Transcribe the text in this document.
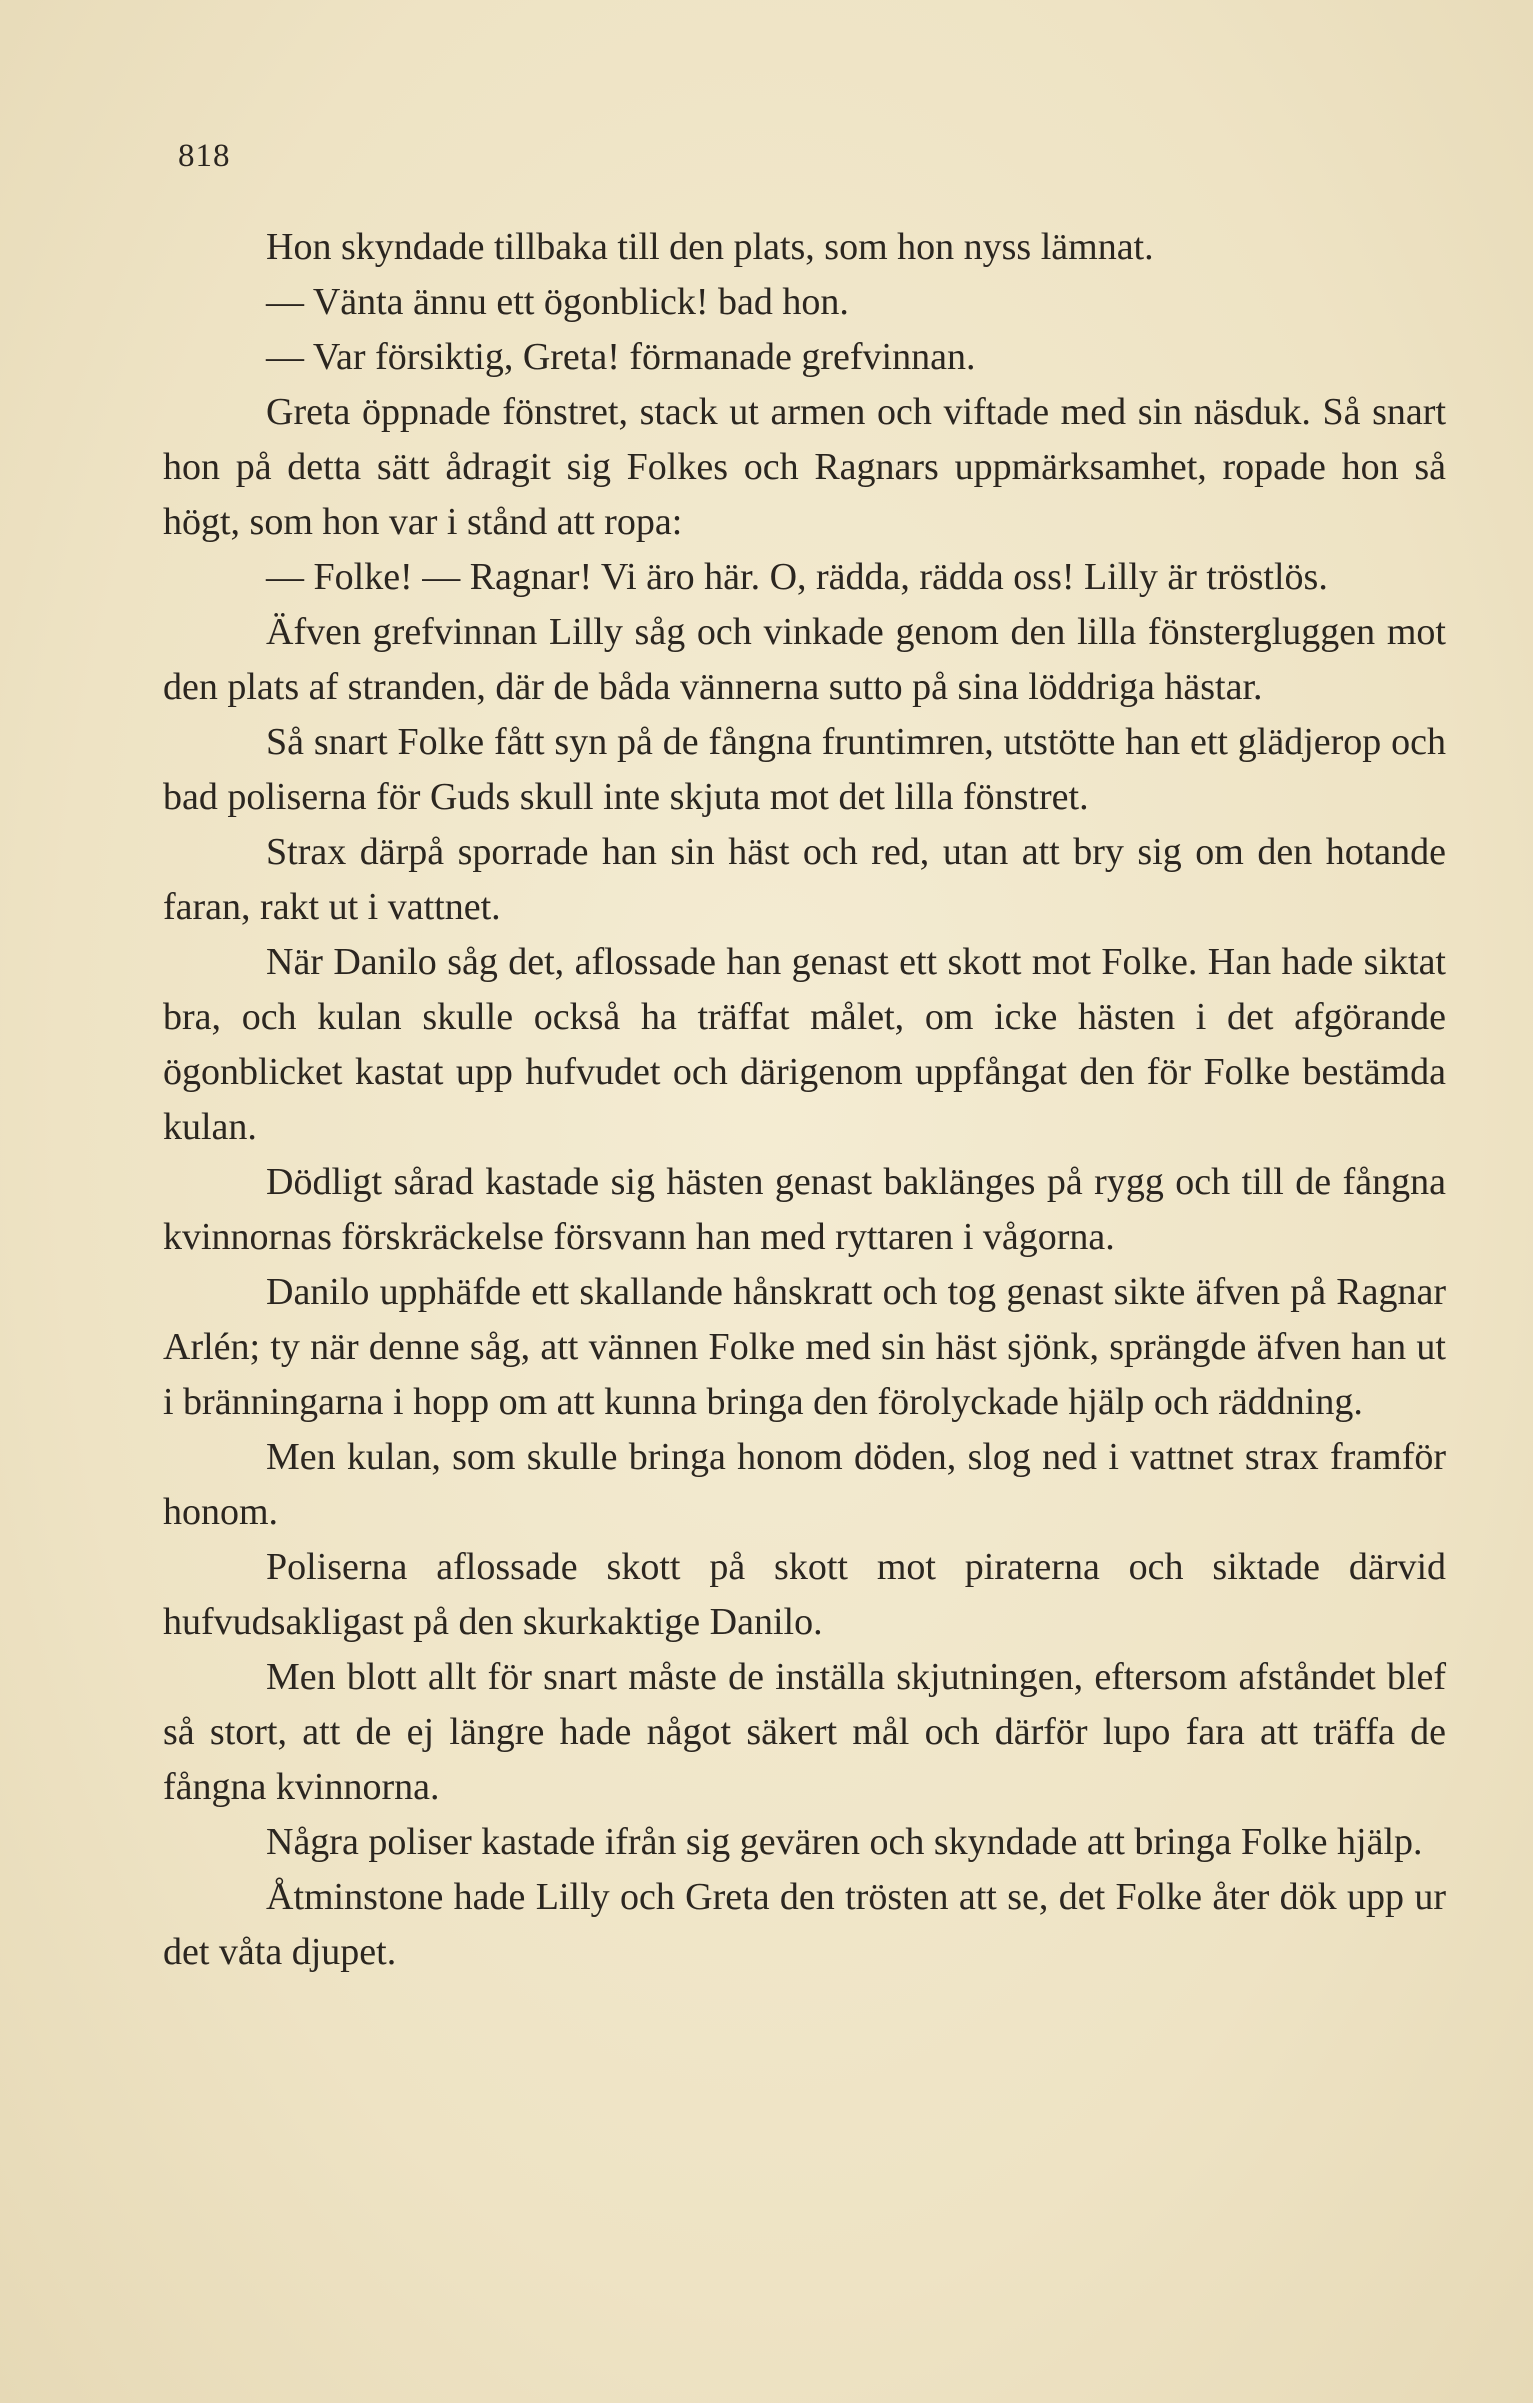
818

Hon skyndade tillbaka till den plats, som hon nyss lämnat.

— Vänta ännu ett ögonblick! bad hon.

— Var försiktig, Greta! förmanade grefvinnan.

Greta öppnade fönstret, stack ut armen och viftade med sin näsduk. Så snart hon på detta sätt ådragit sig Folkes och Ragnars uppmärksamhet, ropade hon så högt, som hon var i stånd att ropa:

— Folke! — Ragnar! Vi äro här. O, rädda, rädda oss! Lilly är tröstlös.

Äfven grefvinnan Lilly såg och vinkade genom den lilla fönstergluggen mot den plats af stranden, där de båda vännerna sutto på sina löddriga hästar.

Så snart Folke fått syn på de fångna fruntimren, utstötte han ett glädjerop och bad poliserna för Guds skull inte skjuta mot det lilla fönstret.

Strax därpå sporrade han sin häst och red, utan att bry sig om den hotande faran, rakt ut i vattnet.

När Danilo såg det, aflossade han genast ett skott mot Folke. Han hade siktat bra, och kulan skulle också ha träffat målet, om icke hästen i det afgörande ögonblicket kastat upp hufvudet och därigenom uppfångat den för Folke bestämda kulan.

Dödligt sårad kastade sig hästen genast baklänges på rygg och till de fångna kvinnornas förskräckelse försvann han med ryttaren i vågorna.

Danilo upphäfde ett skallande hånskratt och tog genast sikte äfven på Ragnar Arlén; ty när denne såg, att vännen Folke med sin häst sjönk, sprängde äfven han ut i bränningarna i hopp om att kunna bringa den förolyckade hjälp och räddning.

Men kulan, som skulle bringa honom döden, slog ned i vattnet strax framför honom.

Poliserna aflossade skott på skott mot piraterna och siktade därvid hufvudsakligast på den skurkaktige Danilo.

Men blott allt för snart måste de inställa skjutningen, eftersom afståndet blef så stort, att de ej längre hade något säkert mål och därför lupo fara att träffa de fångna kvinnorna.

Några poliser kastade ifrån sig gevären och skyndade att bringa Folke hjälp.

Åtminstone hade Lilly och Greta den trösten att se, det Folke åter dök upp ur det våta djupet.
